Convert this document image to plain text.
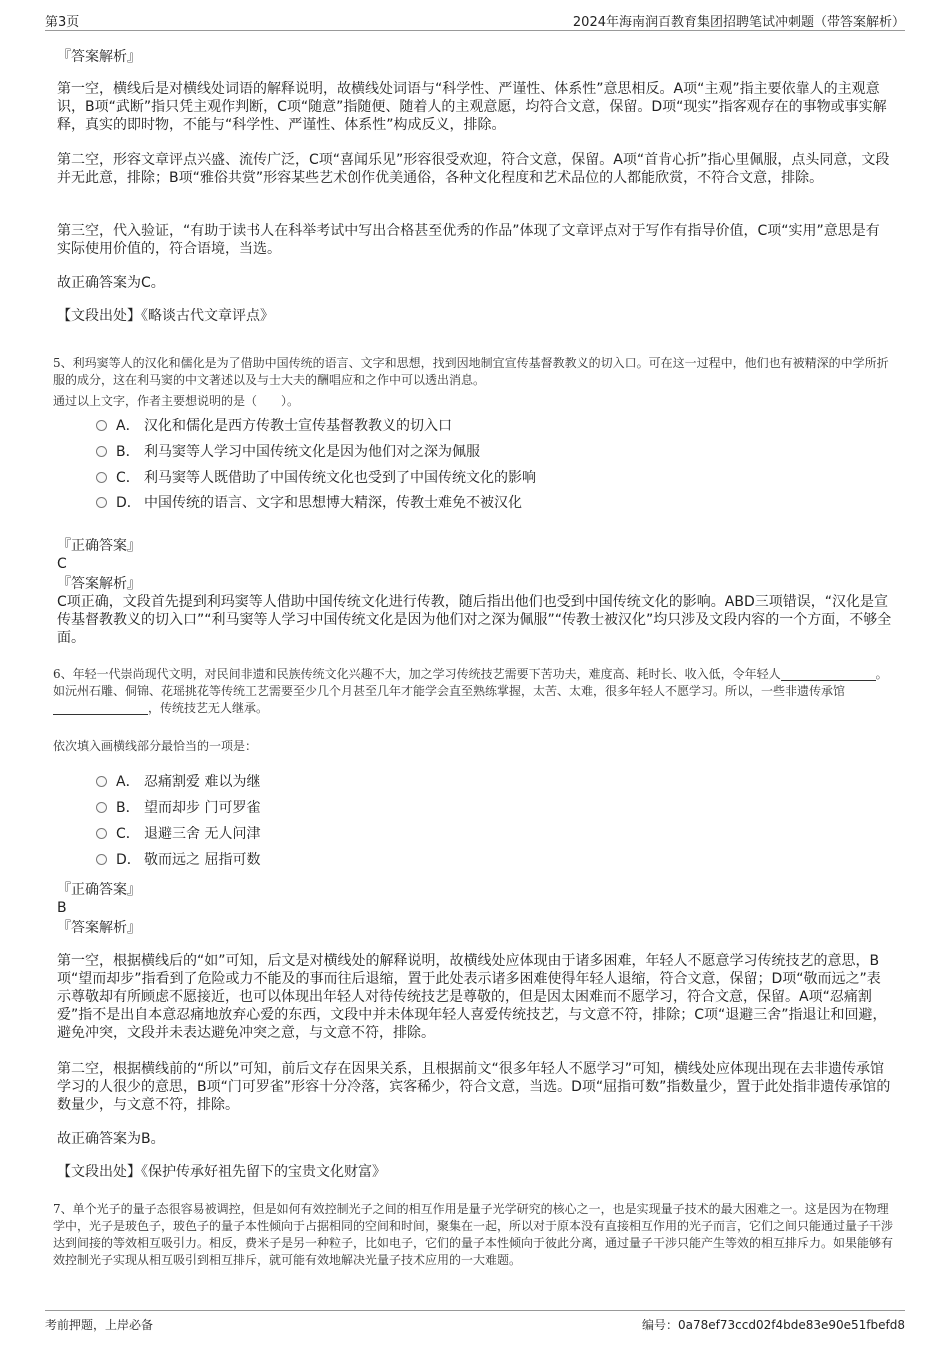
第3页	2024年海南润百教育集团招聘笔试冲刺题（带答案解析）
『答案解析』
第一空，横线后是对横线处词语的解释说明，故横线处词语与“科学性、严谨性、体系性”意思相反。A项“主观”指主要依靠人的主观意识，B项“武断”指只凭主观作判断，C项“随意”指随便、随着人的主观意愿，均符合文意，保留。D项“现实”指客观存在的事物或事实解释，真实的即时物，不能与“科学性、严谨性、体系性”构成反义，排除。
第二空，形容文章评点兴盛、流传广泛，C项“喜闻乐见”形容很受欢迎，符合文意，保留。A项“首肯心折”指心里佩服，点头同意，文段并无此意，排除；B项“雅俗共赏”形容某些艺术创作优美通俗，各种文化程度和艺术品位的人都能欣赏，不符合文意，排除。
第三空，代入验证，“有助于读书人在科举考试中写出合格甚至优秀的作品”体现了文章评点对于写作有指导价值，C项“实用”意思是有实际使用价值的，符合语境，当选。
故正确答案为C。
【文段出处】《略谈古代文章评点》
5、利玛窦等人的汉化和儒化是为了借助中国传统的语言、文字和思想，找到因地制宜宣传基督教教义的切入口。可在这一过程中，他们也有被精深的中学所折服的成分，这在利马窦的中文著述以及与士大夫的酬唱应和之作中可以透出消息。
通过以上文字，作者主要想说明的是（　　）。
A． 汉化和儒化是西方传教士宣传基督教教义的切入口
B． 利马窦等人学习中国传统文化是因为他们对之深为佩服
C． 利马窦等人既借助了中国传统文化也受到了中国传统文化的影响
D． 中国传统的语言、文字和思想博大精深，传教士难免不被汉化
『正确答案』
C
『答案解析』
C项正确，文段首先提到利玛窦等人借助中国传统文化进行传教，随后指出他们也受到中国传统文化的影响。ABD三项错误，“汉化是宣传基督教教义的切入口”“利马窦等人学习中国传统文化是因为他们对之深为佩服”“传教士被汉化”均只涉及文段内容的一个方面，不够全面。
6、年轻一代崇尚现代文明，对民间非遗和民族传统文化兴趣不大，加之学习传统技艺需要下苦功夫，难度高、耗时长、收入低，令年轻人	。如沅州石雕、侗锦、花瑶挑花等传统工艺需要至少几个月甚至几年才能学会直至熟练掌握，太苦、太难，很多年轻人不愿学习。所以，一些非遗传承馆，传统技艺无人继承。
依次填入画横线部分最恰当的一项是：
A． 忍痛割爱 难以为继
B． 望而却步 门可罗雀
C． 退避三舍 无人问津
D． 敬而远之 屈指可数
『正确答案』
B
『答案解析』
第一空，根据横线后的“如”可知，后文是对横线处的解释说明，故横线处应体现由于诸多困难，年轻人不愿意学习传统技艺的意思，B项“望而却步”指看到了危险或力不能及的事而往后退缩，置于此处表示诸多困难使得年轻人退缩，符合文意，保留；D项“敬而远之”表示尊敬却有所顾虑不愿接近，也可以体现出年轻人对待传统技艺是尊敬的，但是因太困难而不愿学习，符合文意，保留。A项“忍痛割爱”指不是出自本意忍痛地放弃心爱的东西，文段中并未体现年轻人喜爱传统技艺，与文意不符，排除；C项“退避三舍”指退让和回避，避免冲突，文段并未表达避免冲突之意，与文意不符，排除。
第二空，根据横线前的“所以”可知，前后文存在因果关系，且根据前文“很多年轻人不愿学习”可知，横线处应体现出现在去非遗传承馆学习的人很少的意思，B项“门可罗雀”形容十分冷落，宾客稀少，符合文意，当选。D项“屈指可数”指数量少，置于此处指非遗传承馆的数量少，与文意不符，排除。
故正确答案为B。
【文段出处】《保护传承好祖先留下的宝贵文化财富》
7、单个光子的量子态很容易被调控，但是如何有效控制光子之间的相互作用是量子光学研究的核心之一，也是实现量子技术的最大困难之一。这是因为在物理学中，光子是玻色子，玻色子的量子本性倾向于占据相同的空间和时间，聚集在一起，所以对于原本没有直接相互作用的光子而言，它们之间只能通过量子干涉达到间接的等效相互吸引力。相反，费米子是另一种粒子，比如电子，它们的量子本性倾向于彼此分离，通过量子干涉只能产生等效的相互排斥力。如果能够有效控制光子实现从相互吸引到相互排斥，就可能有效地解决光量子技术应用的一大难题。
考前押题，上岸必备	编号：0a78ef73ccd02f4bde83e90e51fbefd8
